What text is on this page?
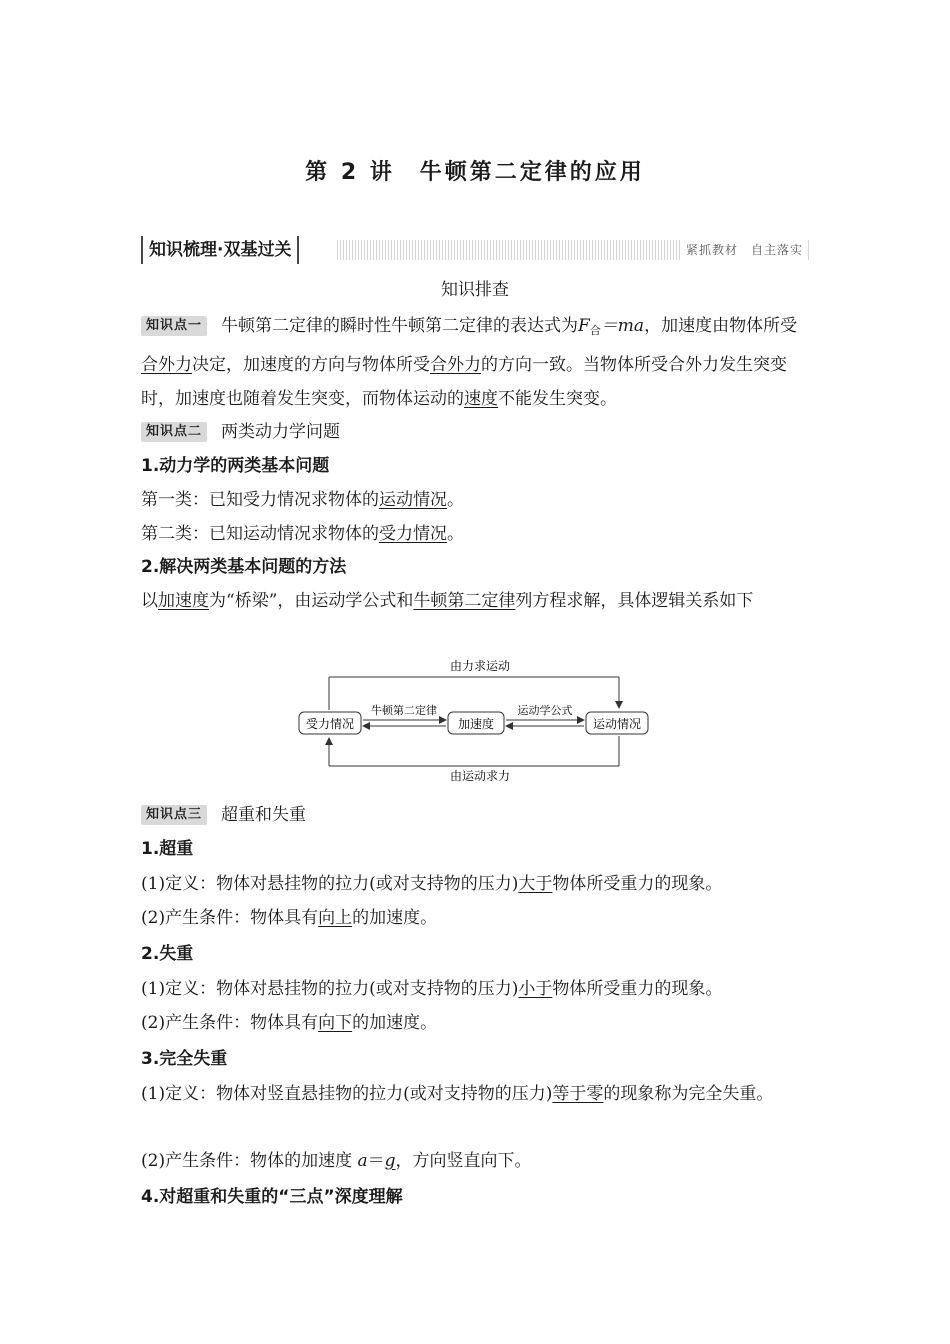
第 2 讲　牛顿第二定律的应用
知识梳理·双基过关	紧抓教材　自主落实
知识排查
知识点一 牛顿第二定律的瞬时性牛顿第二定律的表达式为$F_合=ma$，加速度由物体所受合外力决定，加速度的方向与物体所受合外力的方向一致。当物体所受合外力发生突变时，加速度也随着发生突变，而物体运动的速度不能发生突变。
知识点二 两类动力学问题
1.动力学的两类基本问题
第一类：已知受力情况求物体的运动情况。
第二类：已知运动情况求物体的受力情况。
2.解决两类基本问题的方法
以加速度为“桥梁”，由运动学公式和牛顿第二定律列方程求解，具体逻辑关系如下
由力求运动
由运动求力
受力情况	加速度	运动情况
牛顿第二定律	运动学公式
知识点三 超重和失重
1.超重
(1)定义：物体对悬挂物的拉力(或对支持物的压力)大于物体所受重力的现象。
(2)产生条件：物体具有向上的加速度。
2.失重
(1)定义：物体对悬挂物的拉力(或对支持物的压力)小于物体所受重力的现象。
(2)产生条件：物体具有向下的加速度。
3.完全失重
(1)定义：物体对竖直悬挂物的拉力(或对支持物的压力)等于零的现象称为完全失重。
(2)产生条件：物体的加速度 a＝g，方向竖直向下。
4.对超重和失重的“三点”深度理解
